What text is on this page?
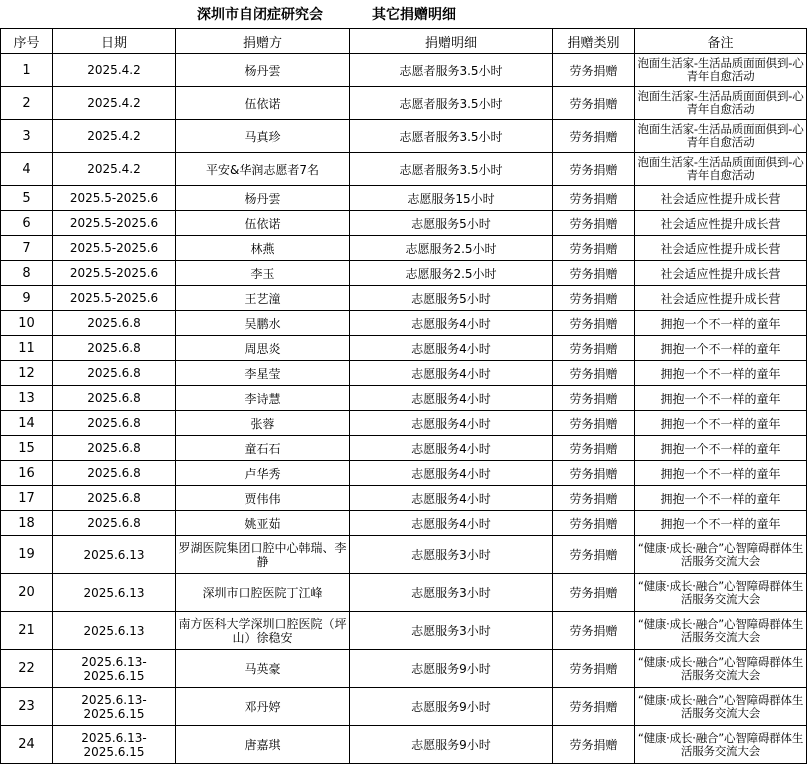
深圳市自闭症研究会	其它捐赠明细
序号	日期	捐赠方	捐赠明细	捐赠类别	备注
1	2025.4.2	杨丹雲	志愿者服务3.5小时	劳务捐赠	泡面生活家-生活品质面面俱到-心青年自愈活动
2	2025.4.2	伍依诺	志愿者服务3.5小时	劳务捐赠	泡面生活家-生活品质面面俱到-心青年自愈活动
3	2025.4.2	马真珍	志愿者服务3.5小时	劳务捐赠	泡面生活家-生活品质面面俱到-心青年自愈活动
4	2025.4.2	平安&华润志愿者7名	志愿者服务3.5小时	劳务捐赠	泡面生活家-生活品质面面俱到-心青年自愈活动
5	2025.5-2025.6	杨丹雲	志愿服务15小时	劳务捐赠	社会适应性提升成长营
6	2025.5-2025.6	伍依诺	志愿服务5小时	劳务捐赠	社会适应性提升成长营
7	2025.5-2025.6	林燕	志愿服务2.5小时	劳务捐赠	社会适应性提升成长营
8	2025.5-2025.6	李玉	志愿服务2.5小时	劳务捐赠	社会适应性提升成长营
9	2025.5-2025.6	王艺潼	志愿服务5小时	劳务捐赠	社会适应性提升成长营
10	2025.6.8	吴鹏水	志愿服务4小时	劳务捐赠	拥抱一个不一样的童年
11	2025.6.8	周思炎	志愿服务4小时	劳务捐赠	拥抱一个不一样的童年
12	2025.6.8	李星莹	志愿服务4小时	劳务捐赠	拥抱一个不一样的童年
13	2025.6.8	李诗慧	志愿服务4小时	劳务捐赠	拥抱一个不一样的童年
14	2025.6.8	张蓉	志愿服务4小时	劳务捐赠	拥抱一个不一样的童年
15	2025.6.8	童石石	志愿服务4小时	劳务捐赠	拥抱一个不一样的童年
16	2025.6.8	卢华秀	志愿服务4小时	劳务捐赠	拥抱一个不一样的童年
17	2025.6.8	贾伟伟	志愿服务4小时	劳务捐赠	拥抱一个不一样的童年
18	2025.6.8	姚亚茹	志愿服务4小时	劳务捐赠	拥抱一个不一样的童年
19	2025.6.13	罗湖医院集团口腔中心韩瑞、李静	志愿服务3小时	劳务捐赠	“健康·成长·融合”心智障碍群体生活服务交流大会
20	2025.6.13	深圳市口腔医院丁江峰	志愿服务3小时	劳务捐赠	“健康·成长·融合”心智障碍群体生活服务交流大会
21	2025.6.13	南方医科大学深圳口腔医院（坪山）徐稳安	志愿服务3小时	劳务捐赠	“健康·成长·融合”心智障碍群体生活服务交流大会
22	2025.6.13-2025.6.15	马英豪	志愿服务9小时	劳务捐赠	“健康·成长·融合”心智障碍群体生活服务交流大会
23	2025.6.13-2025.6.15	邓丹婷	志愿服务9小时	劳务捐赠	“健康·成长·融合”心智障碍群体生活服务交流大会
24	2025.6.13-2025.6.15	唐嘉琪	志愿服务9小时	劳务捐赠	“健康·成长·融合”心智障碍群体生活服务交流大会
